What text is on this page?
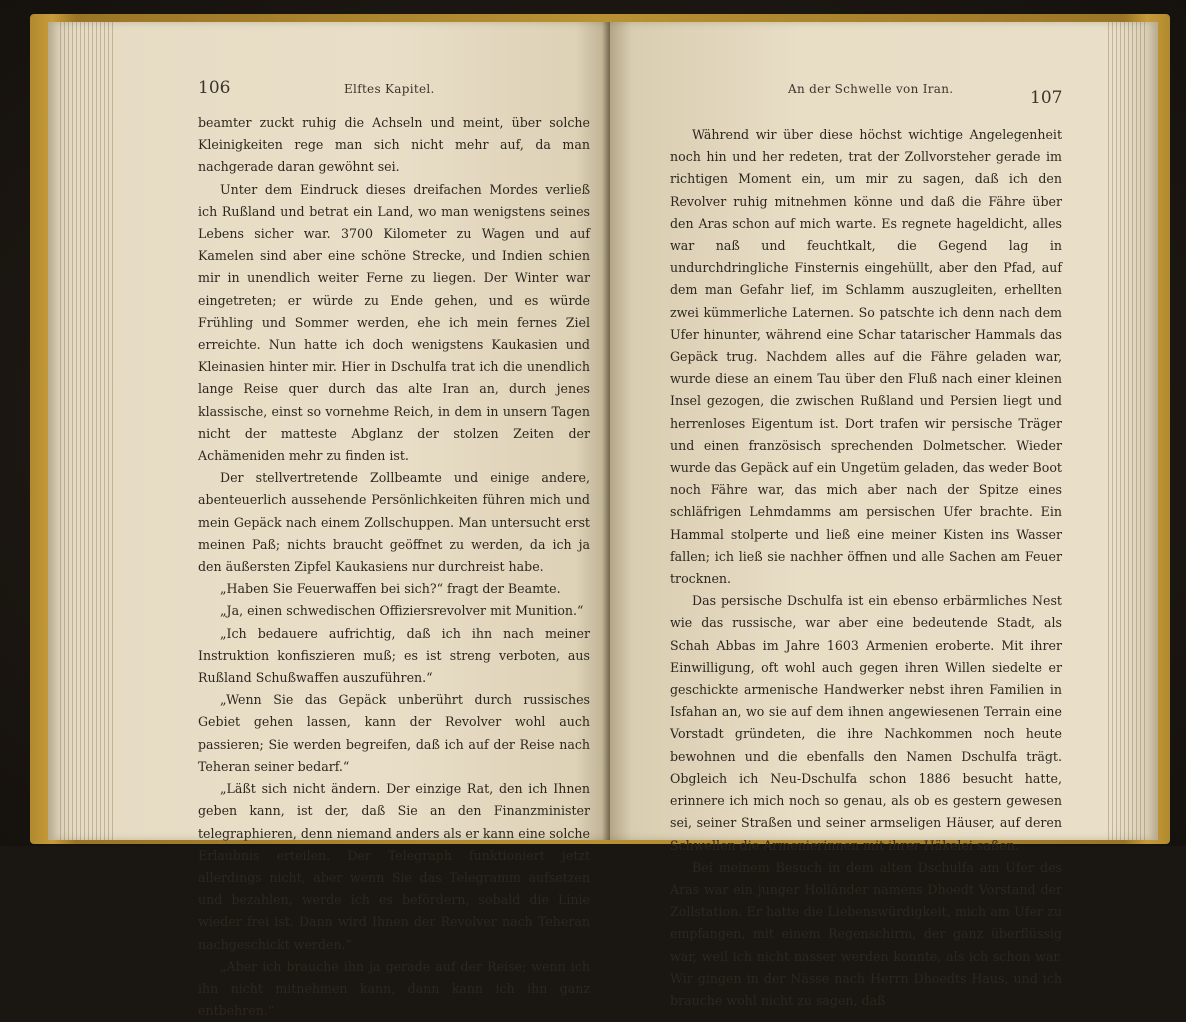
106	Elftes Kapitel.

beamter zuckt ruhig die Achseln und meint, über solche Kleinigkeiten rege man sich nicht mehr auf, da man nachgerade daran gewöhnt sei.

Unter dem Eindruck dieses dreifachen Mordes verließ ich Rußland und betrat ein Land, wo man wenigstens seines Lebens sicher war. 3700 Kilometer zu Wagen und auf Kamelen sind aber eine schöne Strecke, und Indien schien mir in unendlich weiter Ferne zu liegen. Der Winter war eingetreten; er würde zu Ende gehen, und es würde Frühling und Sommer werden, ehe ich mein fernes Ziel erreichte. Nun hatte ich doch wenigstens Kaukasien und Kleinasien hinter mir. Hier in Dschulfa trat ich die unendlich lange Reise quer durch das alte Iran an, durch jenes klassische, einst so vornehme Reich, in dem in unsern Tagen nicht der matteste Abglanz der stolzen Zeiten der Achämeniden mehr zu finden ist.

Der stellvertretende Zollbeamte und einige andere, abenteuerlich aussehende Persönlichkeiten führen mich und mein Gepäck nach einem Zollschuppen. Man untersucht erst meinen Paß; nichts braucht geöffnet zu werden, da ich ja den äußersten Zipfel Kaukasiens nur durchreist habe.

„Haben Sie Feuerwaffen bei sich?“ fragt der Beamte.

„Ja, einen schwedischen Offiziersrevolver mit Munition.“

„Ich bedauere aufrichtig, daß ich ihn nach meiner Instruktion konfiszieren muß; es ist streng verboten, aus Rußland Schußwaffen auszuführen.“

„Wenn Sie das Gepäck unberührt durch russisches Gebiet gehen lassen, kann der Revolver wohl auch passieren; Sie werden begreifen, daß ich auf der Reise nach Teheran seiner bedarf.“

„Läßt sich nicht ändern. Der einzige Rat, den ich Ihnen geben kann, ist der, daß Sie an den Finanzminister telegraphieren, denn niemand anders als er kann eine solche Erlaubnis erteilen. Der Telegraph funktioniert jetzt allerdings nicht, aber wenn Sie das Telegramm aufsetzen und bezahlen, werde ich es befördern, sobald die Linie wieder frei ist. Dann wird Ihnen der Revolver nach Teheran nachgeschickt werden.“

„Aber ich brauche ihn ja gerade auf der Reise; wenn ich ihn nicht mitnehmen kann, dann kann ich ihn ganz entbehren.“

An der Schwelle von Iran.	107

Während wir über diese höchst wichtige Angelegenheit noch hin und her redeten, trat der Zollvorsteher gerade im richtigen Moment ein, um mir zu sagen, daß ich den Revolver ruhig mitnehmen könne und daß die Fähre über den Aras schon auf mich warte. Es regnete hageldicht, alles war naß und feuchtkalt, die Gegend lag in undurchdringliche Finsternis eingehüllt, aber den Pfad, auf dem man Gefahr lief, im Schlamm auszugleiten, erhellten zwei kümmerliche Laternen. So patschte ich denn nach dem Ufer hinunter, während eine Schar tatarischer Hammals das Gepäck trug. Nachdem alles auf die Fähre geladen war, wurde diese an einem Tau über den Fluß nach einer kleinen Insel gezogen, die zwischen Rußland und Persien liegt und herrenloses Eigentum ist. Dort trafen wir persische Träger und einen französisch sprechenden Dolmetscher. Wieder wurde das Gepäck auf ein Ungetüm geladen, das weder Boot noch Fähre war, das mich aber nach der Spitze eines schläfrigen Lehmdamms am persischen Ufer brachte. Ein Hammal stolperte und ließ eine meiner Kisten ins Wasser fallen; ich ließ sie nachher öffnen und alle Sachen am Feuer trocknen.

Das persische Dschulfa ist ein ebenso erbärmliches Nest wie das russische, war aber eine bedeutende Stadt, als Schah Abbas im Jahre 1603 Armenien eroberte. Mit ihrer Einwilligung, oft wohl auch gegen ihren Willen siedelte er geschickte armenische Handwerker nebst ihren Familien in Isfahan an, wo sie auf dem ihnen angewiesenen Terrain eine Vorstadt gründeten, die ihre Nachkommen noch heute bewohnen und die ebenfalls den Namen Dschulfa trägt. Obgleich ich Neu-Dschulfa schon 1886 besucht hatte, erinnere ich mich noch so genau, als ob es gestern gewesen sei, seiner Straßen und seiner armseligen Häuser, auf deren Schwellen die Armenierinnen mit ihrer Häkelei saßen.

Bei meinem Besuch in dem alten Dschulfa am Ufer des Aras war ein junger Holländer namens Dhoedt Vorstand der Zollstation. Er hatte die Liebenswürdigkeit, mich am Ufer zu empfangen, mit einem Regenschirm, der ganz überflüssig war, weil ich nicht nasser werden konnte, als ich schon war. Wir gingen in der Nässe nach Herrn Dhoedts Haus, und ich brauche wohl nicht zu sagen, daß
